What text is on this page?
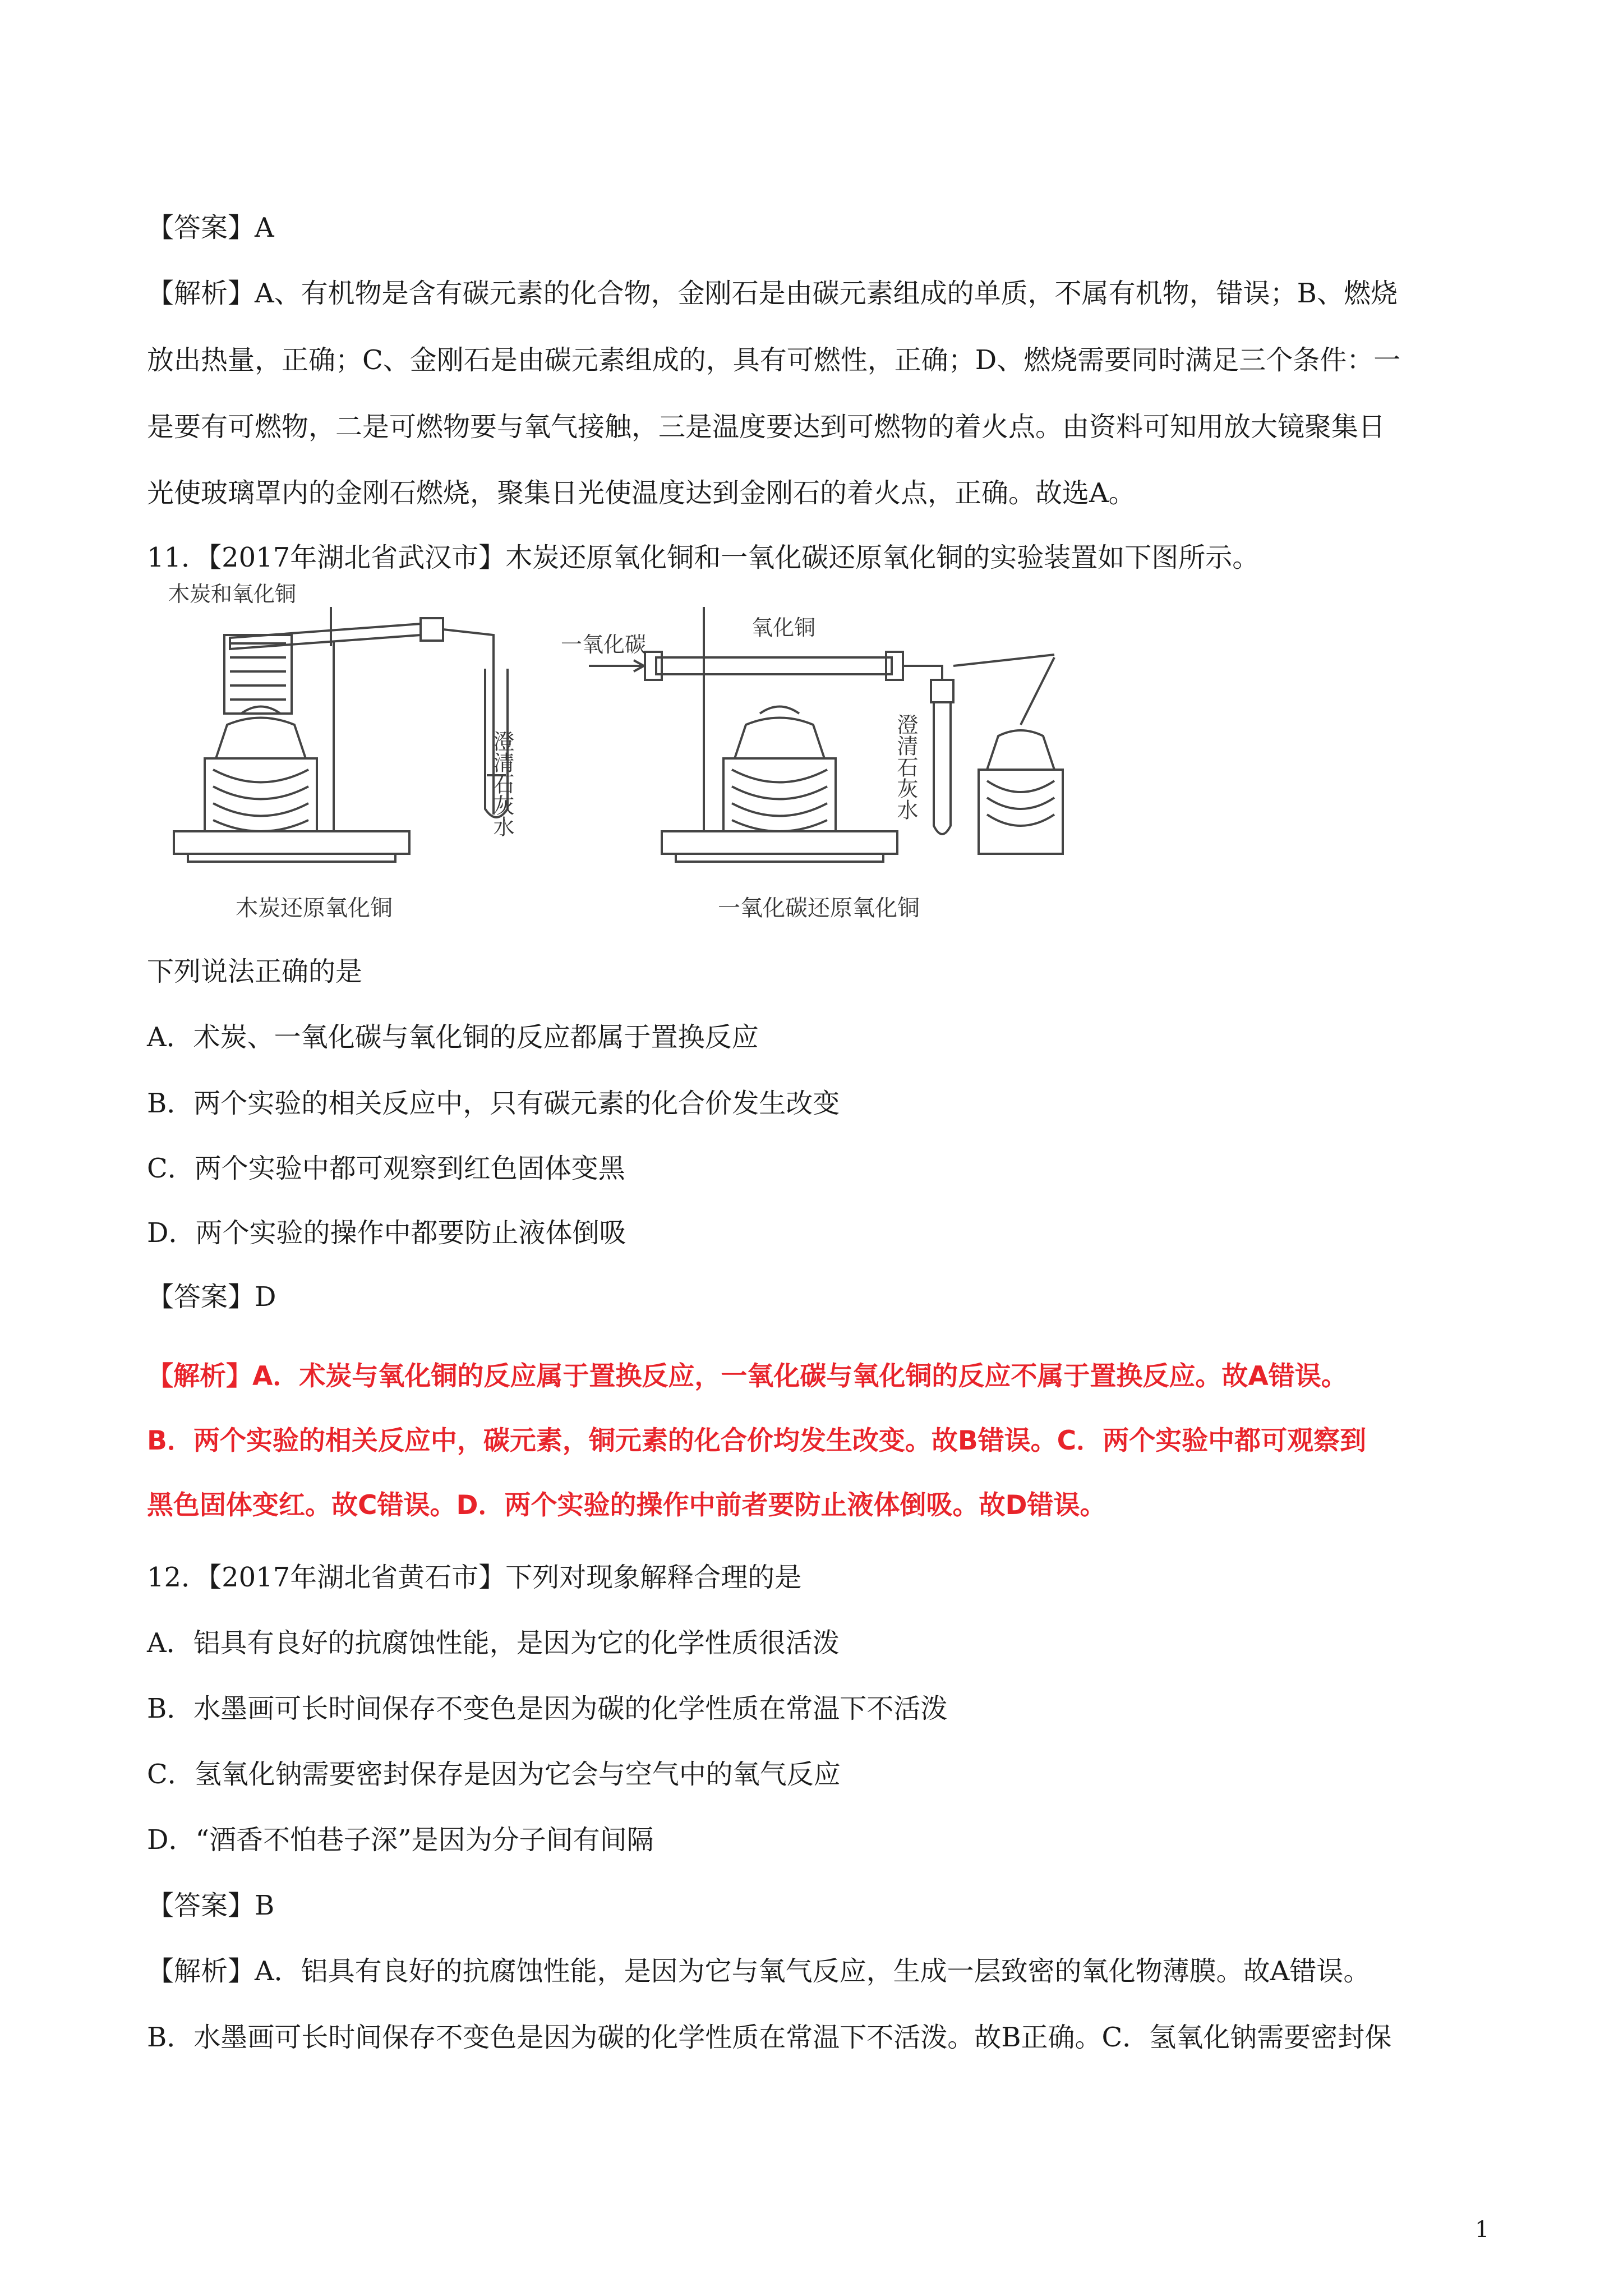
【答案】A
【解析】A、有机物是含有碳元素的化合物，金刚石是由碳元素组成的单质，不属有机物，错误；B、燃烧
放出热量，正确；C、金刚石是由碳元素组成的，具有可燃性，正确；D、燃烧需要同时满足三个条件：一
是要有可燃物，二是可燃物要与氧气接触，三是温度要达到可燃物的着火点。由资料可知用放大镜聚集日
光使玻璃罩内的金刚石燃烧，聚集日光使温度达到金刚石的着火点，正确。故选A。
11．【2017年湖北省武汉市】木炭还原氧化铜和一氧化碳还原氧化铜的实验装置如下图所示。
木炭和氧化铜
澄清石灰水
木炭还原氧化铜
一氧化碳
氧化铜
澄清石灰水
一氧化碳还原氧化铜
下列说法正确的是
A．术炭、一氧化碳与氧化铜的反应都属于置换反应
B．两个实验的相关反应中，只有碳元素的化合价发生改变
C．两个实验中都可观察到红色固体变黑
D．两个实验的操作中都要防止液体倒吸
【答案】D
【解析】A．术炭与氧化铜的反应属于置换反应，一氧化碳与氧化铜的反应不属于置换反应。故A错误。
B．两个实验的相关反应中，碳元素，铜元素的化合价均发生改变。故B错误。C．两个实验中都可观察到
黑色固体变红。故C错误。D．两个实验的操作中前者要防止液体倒吸。故D错误。
12．【2017年湖北省黄石市】下列对现象解释合理的是
A．铝具有良好的抗腐蚀性能，是因为它的化学性质很活泼
B．水墨画可长时间保存不变色是因为碳的化学性质在常温下不活泼
C．氢氧化钠需要密封保存是因为它会与空气中的氧气反应
D．“酒香不怕巷子深”是因为分子间有间隔
【答案】B
【解析】A．铝具有良好的抗腐蚀性能，是因为它与氧气反应，生成一层致密的氧化物薄膜。故A错误。
B．水墨画可长时间保存不变色是因为碳的化学性质在常温下不活泼。故B正确。C．氢氧化钠需要密封保
1
